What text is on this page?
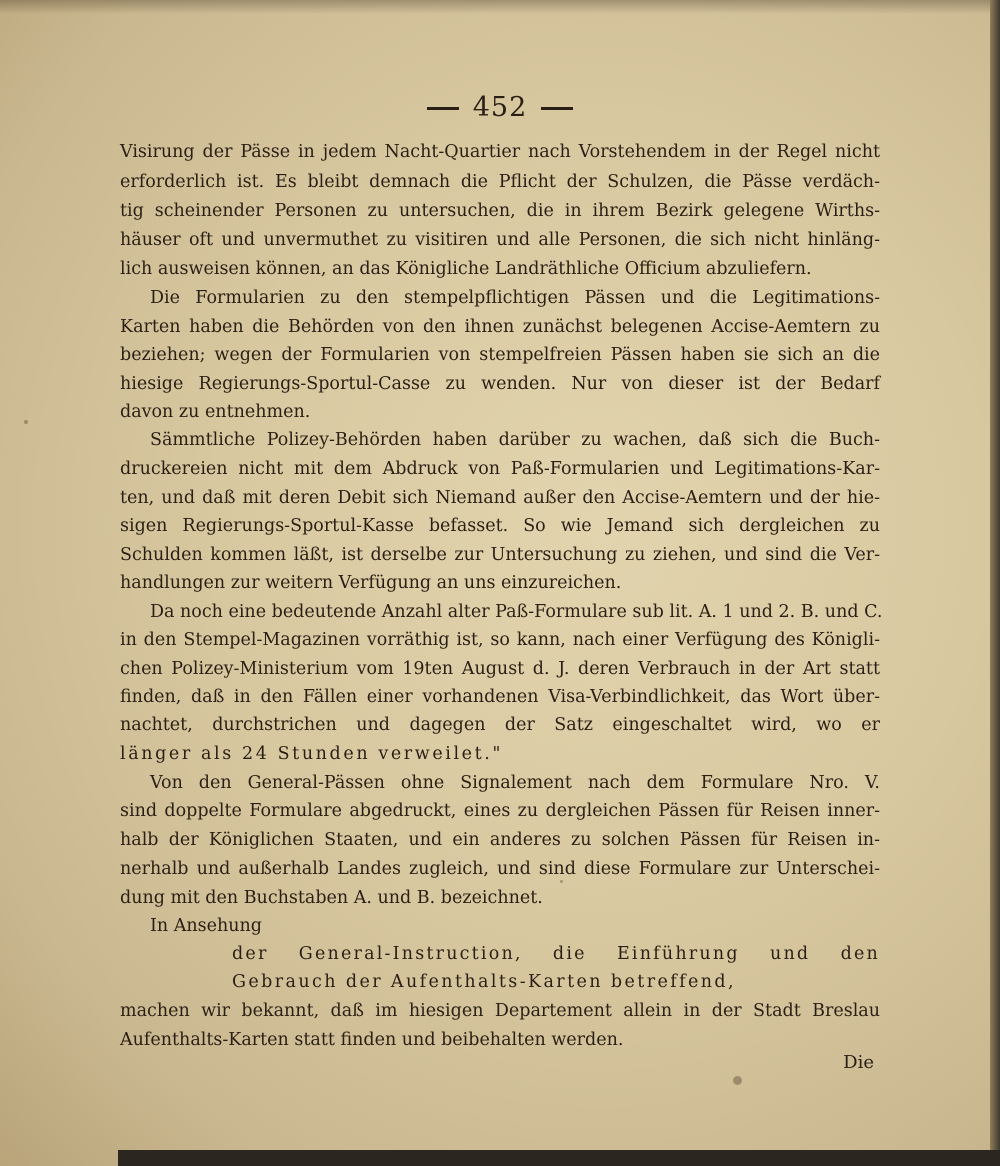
452
Visirung der Pässe in jedem Nacht-Quartier nach Vorstehendem in der Regel nicht
erforderlich ist. Es bleibt demnach die Pflicht der Schulzen, die Pässe verdäch-
tig scheinender Personen zu untersuchen, die in ihrem Bezirk gelegene Wirths-
häuser oft und unvermuthet zu visitiren und alle Personen, die sich nicht hinläng-
lich ausweisen können, an das Königliche Landräthliche Officium abzuliefern.
Die Formularien zu den stempelpflichtigen Pässen und die Legitimations-
Karten haben die Behörden von den ihnen zunächst belegenen Accise-Aemtern zu
beziehen; wegen der Formularien von stempelfreien Pässen haben sie sich an die
hiesige Regierungs-Sportul-Casse zu wenden. Nur von dieser ist der Bedarf
davon zu entnehmen.
Sämmtliche Polizey-Behörden haben darüber zu wachen, daß sich die Buch-
druckereien nicht mit dem Abdruck von Paß-Formularien und Legitimations-Kar-
ten, und daß mit deren Debit sich Niemand außer den Accise-Aemtern und der hie-
sigen Regierungs-Sportul-Kasse befasset. So wie Jemand sich dergleichen zu
Schulden kommen läßt, ist derselbe zur Untersuchung zu ziehen, und sind die Ver-
handlungen zur weitern Verfügung an uns einzureichen.
Da noch eine bedeutende Anzahl alter Paß-Formulare sub lit. A. 1 und 2. B. und C.
in den Stempel-Magazinen vorräthig ist, so kann, nach einer Verfügung des Königli-
chen Polizey-Ministerium vom 19ten August d. J. deren Verbrauch in der Art statt
finden, daß in den Fällen einer vorhandenen Visa-Verbindlichkeit, das Wort über-
nachtet, durchstrichen und dagegen der Satz eingeschaltet wird, wo er
länger als 24 Stunden verweilet."
Von den General-Pässen ohne Signalement nach dem Formulare Nro. V.
sind doppelte Formulare abgedruckt, eines zu dergleichen Pässen für Reisen inner-
halb der Königlichen Staaten, und ein anderes zu solchen Pässen für Reisen in-
nerhalb und außerhalb Landes zugleich, und sind diese Formulare zur Unterschei-
dung mit den Buchstaben A. und B. bezeichnet.
In Ansehung
der General-Instruction, die Einführung und den
Gebrauch der Aufenthalts-Karten betreffend,
machen wir bekannt, daß im hiesigen Departement allein in der Stadt Breslau
Aufenthalts-Karten statt finden und beibehalten werden.
Die
